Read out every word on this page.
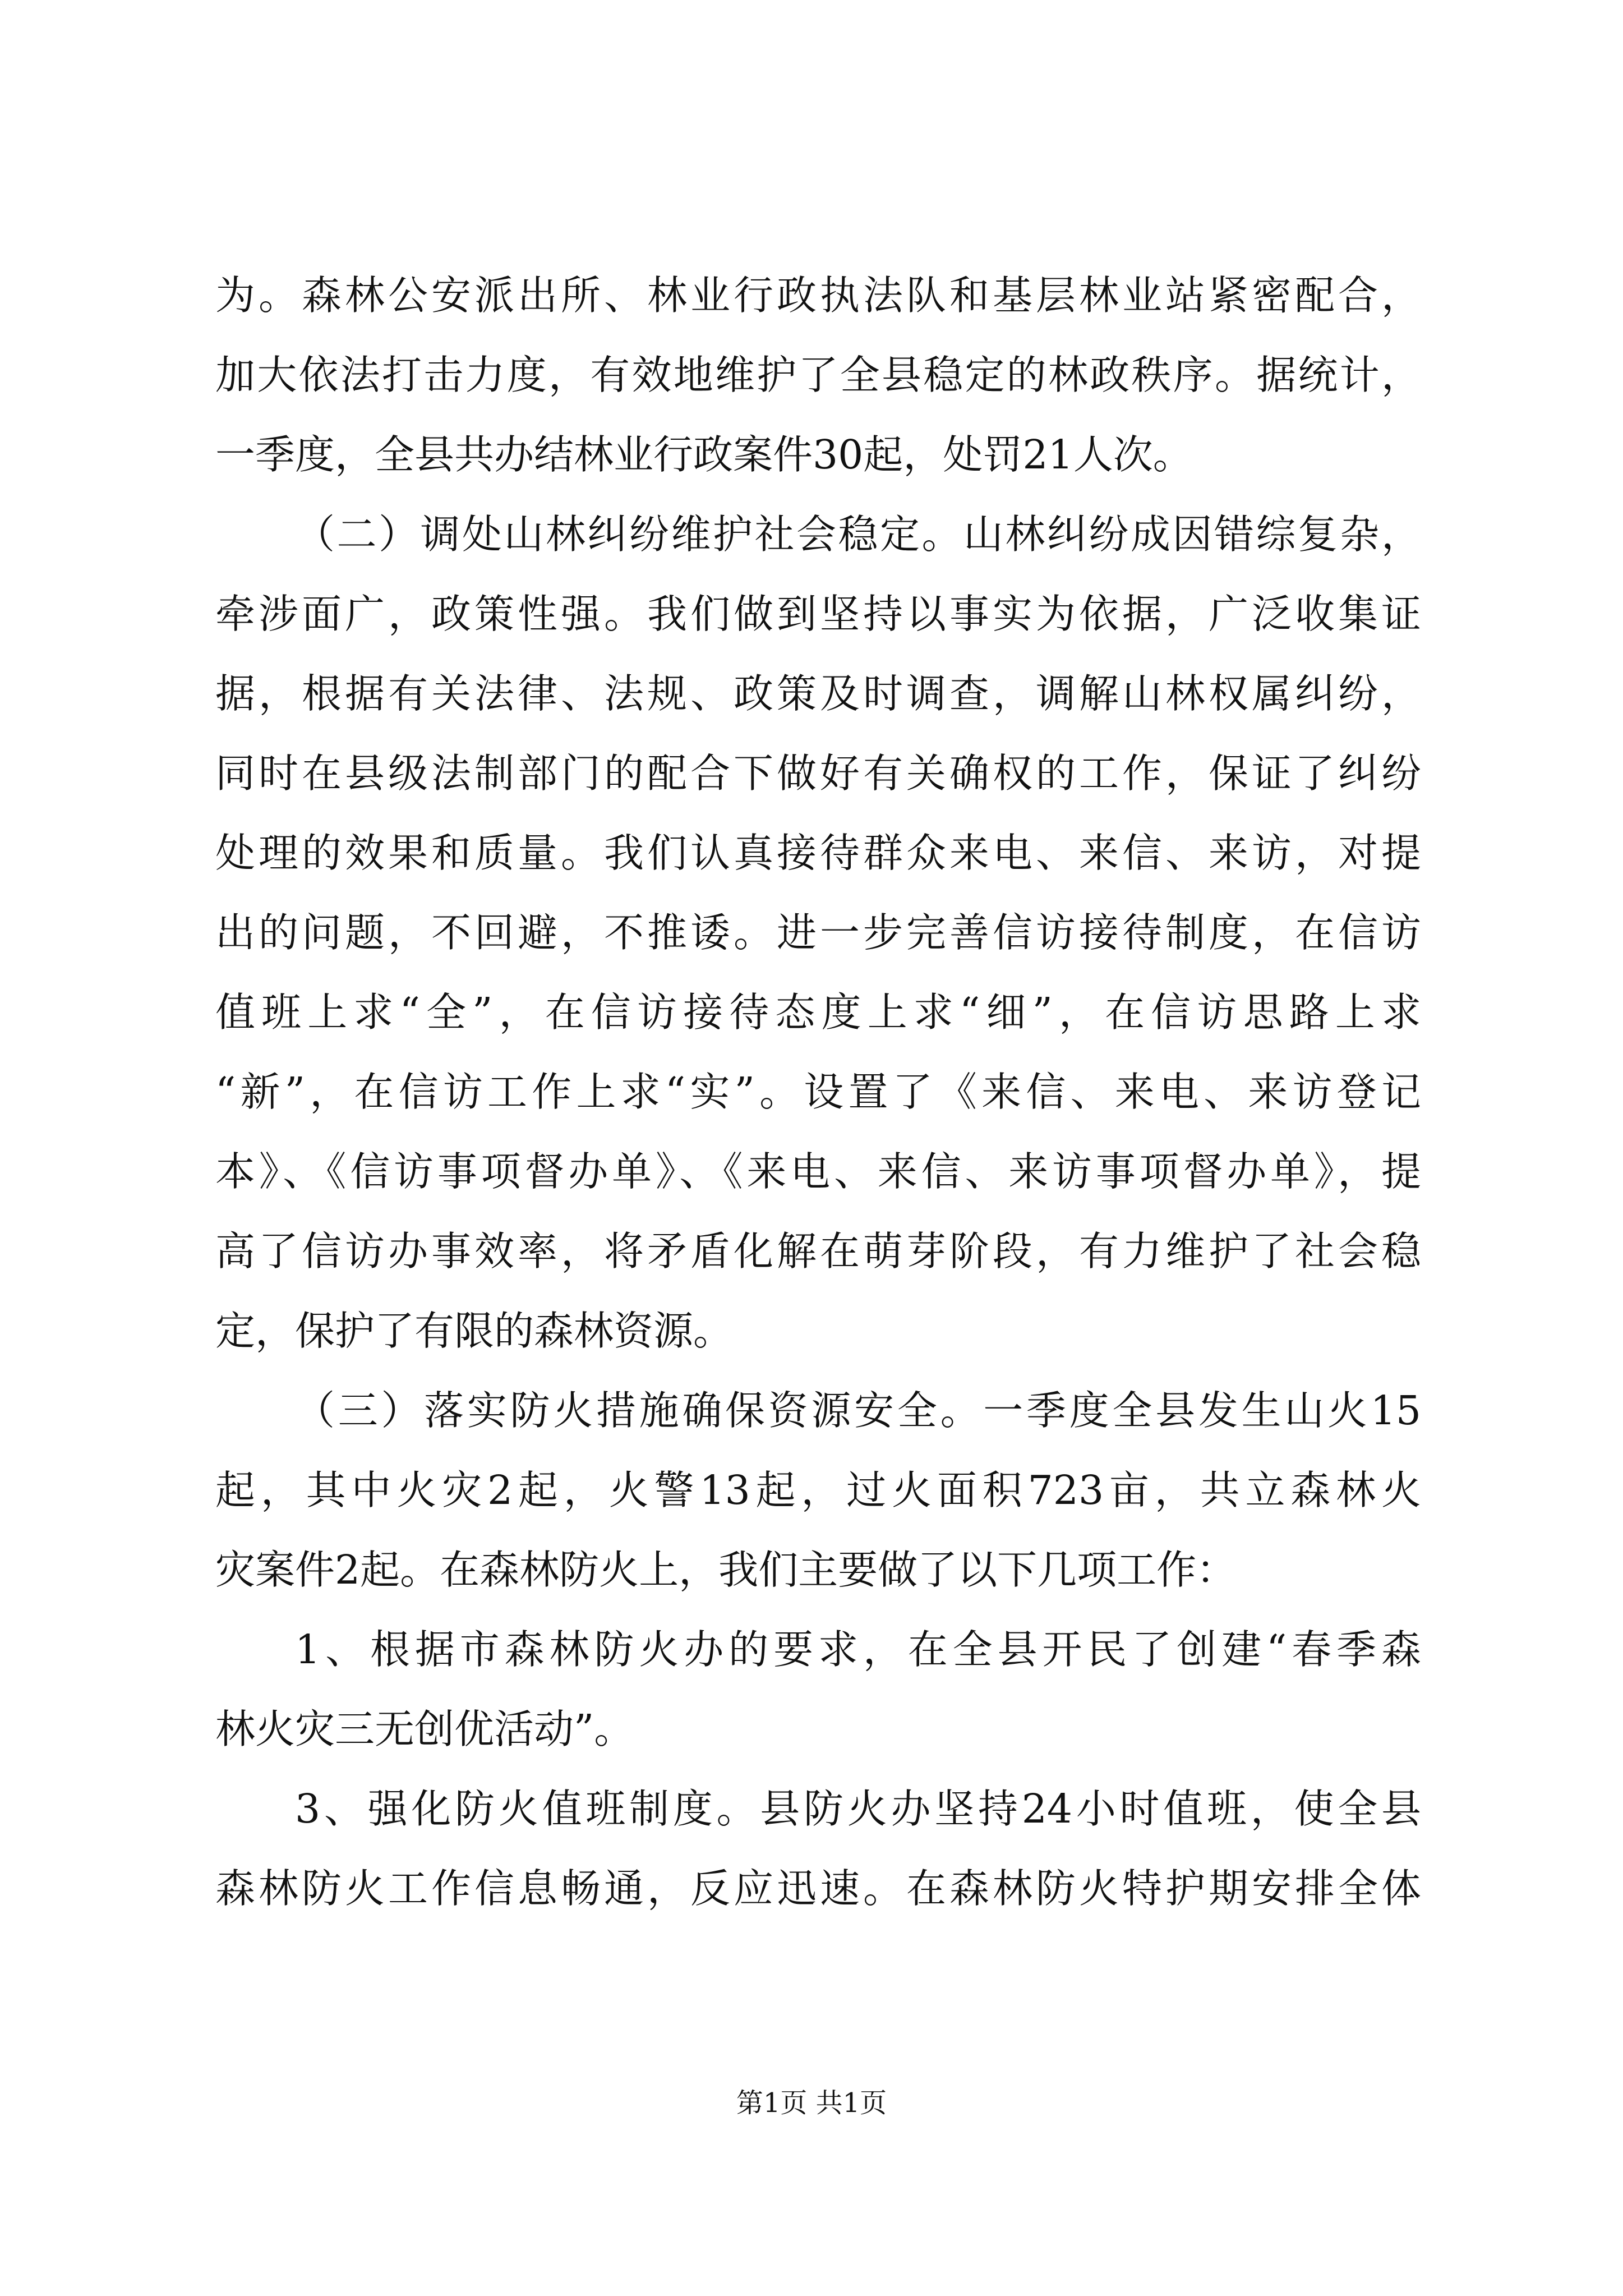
为。森林公安派出所、林业行政执法队和基层林业站紧密配合，
加大依法打击力度，有效地维护了全县稳定的林政秩序。据统计，
一季度，全县共办结林业行政案件30起，处罚21人次。
（二）调处山林纠纷维护社会稳定。山林纠纷成因错综复杂，
牵涉面广，政策性强。我们做到坚持以事实为依据，广泛收集证
据，根据有关法律、法规、政策及时调查，调解山林权属纠纷，
同时在县级法制部门的配合下做好有关确权的工作，保证了纠纷
处理的效果和质量。我们认真接待群众来电、来信、来访，对提
出的问题，不回避，不推诿。进一步完善信访接待制度，在信访
值班上求“全”，在信访接待态度上求“细”，在信访思路上求
“新”，在信访工作上求“实”。设置了《来信、来电、来访登记
本》、《信访事项督办单》、《来电、来信、来访事项督办单》，提
高了信访办事效率，将矛盾化解在萌芽阶段，有力维护了社会稳
定，保护了有限的森林资源。
（三）落实防火措施确保资源安全。一季度全县发生山火15
起，其中火灾2起，火警13起，过火面积723亩，共立森林火
灾案件2起。在森林防火上，我们主要做了以下几项工作：
1、根据市森林防火办的要求，在全县开民了创建“春季森
林火灾三无创优活动”。
3、强化防火值班制度。县防火办坚持24小时值班，使全县
森林防火工作信息畅通，反应迅速。在森林防火特护期安排全体
第1页 共1页
